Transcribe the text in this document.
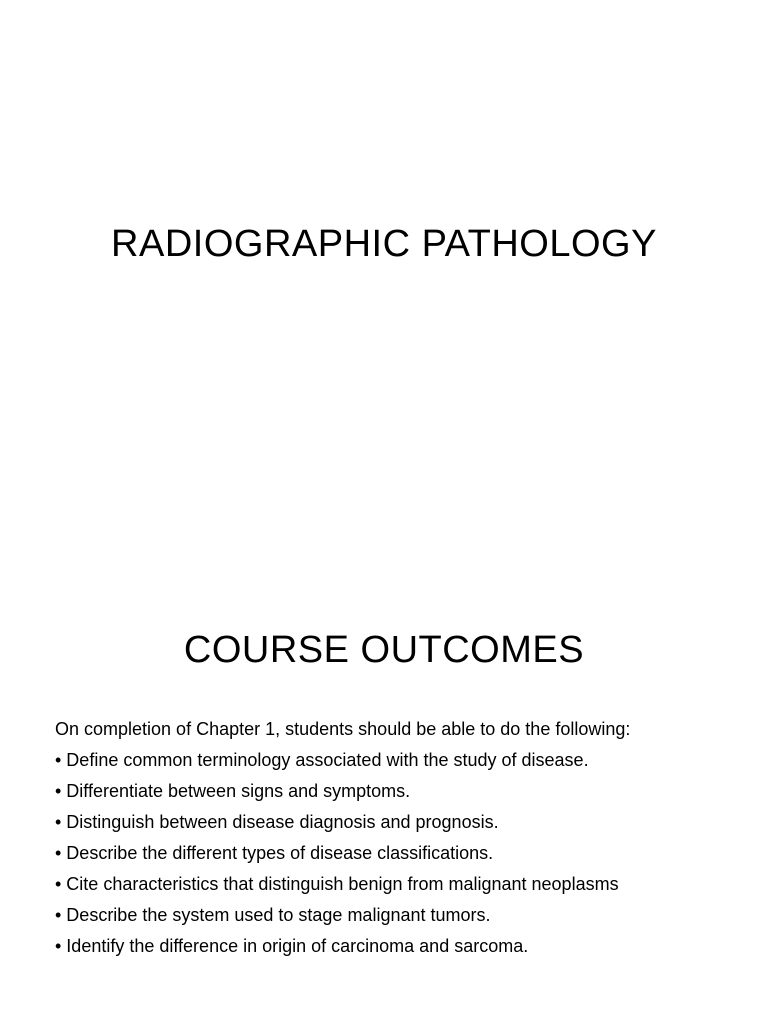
RADIOGRAPHIC PATHOLOGY
COURSE OUTCOMES
On completion of Chapter 1, students should be able to do the following:
• Define common terminology associated with the study of disease.
• Differentiate between signs and symptoms.
• Distinguish between disease diagnosis and prognosis.
• Describe the different types of disease classifications.
• Cite characteristics that distinguish benign from malignant neoplasms
• Describe the system used to stage malignant tumors.
• Identify the difference in origin of carcinoma and sarcoma.
